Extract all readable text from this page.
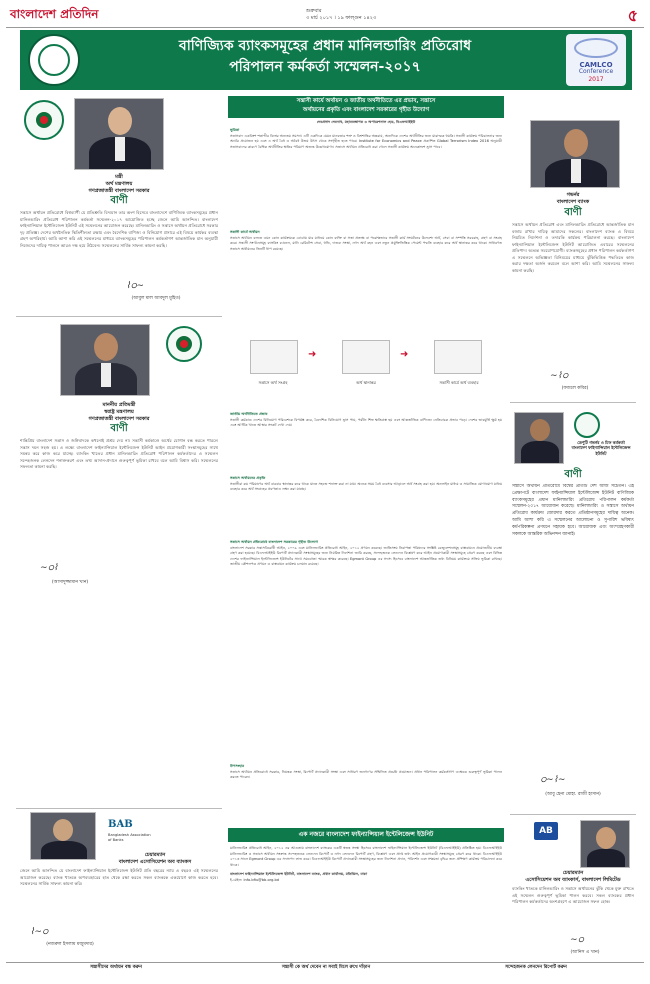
বাংলাদেশ প্রতিদিন	শুক্রবার
৩ মার্চ ২০১৭ । ১৯ ফাল্গুন ১৪২৩	৫
বাণিজ্যিক ব্যাংকসমূহের প্রধান মানিলন্ডারিং প্রতিরোধ
পরিপালন কর্মকর্তা সম্মেলন-২০১৭	CAMLCO
Conference
2017
মন্ত্রী
অর্থ মন্ত্রণালয়
গণপ্রজাতন্ত্রী বাংলাদেশ সরকার
বাণী
সন্ত্রাসে অর্থায়ন প্রতিরোধে বিশ্বব্যাপী যে প্রতিশ্রুতি বিদ্যমান তার অংশ হিসেবে বাংলাদেশে বাণিজ্যিক ব্যাংকসমূহের প্রধান মানিলন্ডারিং প্রতিরোধ পরিপালন কর্মকর্তা সম্মেলন-২০১৭ আয়োজিত হচ্ছে জেনে আমি আনন্দিত। বাংলাদেশ ফাইন্যান্সিয়াল ইন্টেলিজেন্স ইউনিট এই সম্মেলনের আয়োজন করেছে। মানিলন্ডারিং ও সন্ত্রাসে অর্থায়ন প্রতিরোধে সরকার দৃঢ় প্রতিজ্ঞ। দেশের অর্থনৈতিক স্থিতিশীলতা রক্ষায় এবং বৈদেশিক বাণিজ্য ও বিনিয়োগ প্রসারে এই বিষয়ে কার্যকর ব্যবস্থা গ্রহণ অপরিহার্য। আমি আশা করি এই সম্মেলনের মাধ্যমে ব্যাংকসমূহের পরিপালন কর্মকর্তাগণ আন্তর্জাতিক মান অনুযায়ী নিজেদের দায়িত্ব পালনে আরও দক্ষ হয়ে উঠবেন। সম্মেলনের সার্বিক সাফল্য কামনা করছি।
⌇ഠ∼
(আবুল মাল আবদুল মুহিত)
মাননীয় প্রতিমন্ত্রী
স্বরাষ্ট্র মন্ত্রণালয়
গণপ্রজাতন্ত্রী বাংলাদেশ সরকার
বাণী
শান্তিপ্রিয় বাংলাদেশ সন্ত্রাস ও জঙ্গিবাদকে কখনোই প্রশ্রয় দেয় না। সন্ত্রাসী কর্মকাণ্ডে অর্থের যোগান বন্ধ করতে পারলে সন্ত্রাস দমন সহজ হয়। এ লক্ষ্যে বাংলাদেশ ফাইন্যান্সিয়াল ইন্টেলিজেন্স ইউনিট আইন প্রয়োগকারী সংস্থাসমূহের সাথে সমন্বয় করে কাজ করে যাচ্ছে। ব্যাংকিং খাতের প্রধান মানিলন্ডারিং প্রতিরোধ পরিপালন কর্মকর্তাদের এ সম্মেলন সন্দেহজনক লেনদেন শনাক্তকরণ এবং তথ্য আদান-প্রদানে গুরুত্বপূর্ণ ভূমিকা রাখবে বলে আমি বিশ্বাস করি। সম্মেলনের সফলতা কামনা করছি।
∼ഠ⌇
(আসাদুজ্জামান খান)
BAB
Bangladesh Association of Banks
চেয়ারম্যান
বাংলাদেশ এসোসিয়েশন অব ব্যাংকস
জেনে আমি আনন্দিত যে বাংলাদেশ ফাইন্যান্সিয়াল ইন্টেলিজেন্স ইউনিট প্রতি বছরের ন্যায় এ বছরও এই সম্মেলনের আয়োজন করেছে। ব্যাংক খাতকে অপব্যবহারের হাত থেকে রক্ষা করতে সকল ব্যাংককে একযোগে কাজ করতে হবে। সম্মেলনের সার্বিক সাফল্য কামনা করি।
⌇∼ഠ
(নজরুল ইসলাম মজুমদার)
সন্ত্রাসী কার্যে অর্থায়ন ও জাতীয় অর্থনীতিতে এর প্রভাব, সন্ত্রাসে
অর্থায়নের প্রকৃতি এবং বাংলাদেশ সরকারের গৃহীত উদ্যোগ
দেবপ্রসাদ দেবনাথ, মহাব্যবস্থাপক ও অপারেশনাল হেড, বিএফআইইউ
ভূমিকা
সন্ত্রাসবাদ একবিংশ শতাব্দীর বিশ্বের অন্যতম সমস্যা। এটি একদিকে যেমন মানবতার শত্রু ও বিশ্বশান্তির অন্তরায়, অন্যদিকে দেশের অর্থনীতির জন্য মারাত্মক হুমকি। সন্ত্রাসী কার্যক্রম পরিচালনার জন্য অর্থের প্রয়োজন হয় এবং এ অর্থ বৈধ ও অবৈধ উভয় উৎস থেকে সংগৃহীত হতে পারে। Institute for Economics and Peace প্রকাশিত Global Terrorism Index 2016 অনুযায়ী সন্ত্রাসবাদের কারণে বৈশ্বিক অর্থনীতির ক্ষতির পরিমাণ অত্যন্ত উল্লেখযোগ্য। সন্ত্রাসে অর্থায়ন প্রতিরোধ করা গেলে সন্ত্রাসী কার্যক্রম অনেকাংশে হ্রাস পাবে।
সন্ত্রাসী কার্যে অর্থায়ন
সন্ত্রাসে অর্থায়ন বলতে এমন কোন কার্যক্রমকে বোঝায় যার মাধ্যমে কোন ব্যক্তি বা সত্তা প্রত্যক্ষ বা পরোক্ষভাবে সন্ত্রাসী কার্য সংঘটনের উদ্দেশ্যে অর্থ, সেবা বা সম্পত্তি সরবরাহ, গ্রহণ বা সংগ্রহ করে। সন্ত্রাসী সংগঠনসমূহ ব্যাংকিং চ্যানেল, মানি রেমিটেন্স সেবা, হুন্ডি, দাতব্য সংস্থা, নগদ অর্থ বহন এবং নতুন প্রযুক্তিভিত্তিক পেমেন্ট পদ্ধতি ব্যবহার করে অর্থ স্থানান্তর করে থাকে। সাধারণত সন্ত্রাসে অর্থায়নের তিনটি ধাপ রয়েছে।
➜	➜
সন্ত্রাসে অর্থ সংগ্রহ	অর্থ স্থানান্তর	সন্ত্রাসী কার্যে অর্থ ব্যবহার
জাতীয় অর্থনীতিতে প্রভাব
সন্ত্রাসী কর্মকাণ্ড দেশের বিনিয়োগ পরিবেশকে বিপর্যস্ত করে, বৈদেশিক বিনিয়োগ হ্রাস পায়, পর্যটন শিল্প ক্ষতিগ্রস্ত হয় এবং আন্তর্জাতিক বাণিজ্যে নেতিবাচক প্রভাব পড়ে। দেশের ভাবমূর্তি ক্ষুণ্ণ হয় এবং আর্থিক খাতে আস্থার সংকট দেখা দেয়।
সন্ত্রাসে অর্থায়নের প্রকৃতি
সন্ত্রাসীরা কম পরিমাণের অর্থ বারবার স্থানান্তর করে থাকে যাতে সহজে শনাক্ত করা না যায়। অনেক সময় বৈধ ব্যবসার আড়ালে অর্থ সংগ্রহ করা হয়। অনলাইন মাধ্যম ও সামাজিক যোগাযোগ মাধ্যম ব্যবহার করে অর্থ সংগ্রহের প্রবণতাও লক্ষ্য করা যাচ্ছে।
সন্ত্রাসে অর্থায়ন প্রতিরোধে বাংলাদেশ সরকারের গৃহীত উদ্যোগ
বাংলাদেশ সরকার সন্ত্রাসবিরোধী আইন, ২০০৯ এবং মানিলন্ডারিং প্রতিরোধ আইন, ২০১২ প্রণয়ন করেছে। জাতিসংঘ নিরাপত্তা পরিষদের সংশ্লিষ্ট রেজুলেশনসমূহ বাস্তবায়নে প্রয়োজনীয় ব্যবস্থা গ্রহণ করা হয়েছে। বিএফআইইউ রিপোর্ট প্রদানকারী সংস্থাসমূহের জন্য নিয়মিত নির্দেশনা জারি করছে, সন্দেহজনক লেনদেন বিশ্লেষণ করে আইন প্রয়োগকারী সংস্থাসমূহে প্রেরণ করছে এবং বিভিন্ন দেশের ফাইন্যান্সিয়াল ইন্টেলিজেন্স ইউনিটের সাথে সমঝোতা স্মারক স্বাক্ষর করেছে। Egmont Group এর সদস্য হিসেবে বাংলাদেশ আন্তর্জাতিক তথ্য বিনিময় কার্যক্রমে সক্রিয় ভূমিকা রাখছে। জাতীয় কৌশলপত্র প্রণয়ন ও বাস্তবায়ন কার্যক্রম চলমান রয়েছে।
উপসংহার
সন্ত্রাসে অর্থায়ন প্রতিরোধে সরকার, নিয়ন্ত্রক সংস্থা, রিপোর্ট প্রদানকারী সংস্থা এবং সাধারণ জনগণের সম্মিলিত প্রচেষ্টা প্রয়োজন। প্রধান পরিপালন কর্মকর্তাগণ এক্ষেত্রে গুরুত্বপূর্ণ ভূমিকা পালন করতে পারেন।
এক নজরে বাংলাদেশ ফাইন্যান্সিয়াল ইন্টেলিজেন্স ইউনিট
মানিলন্ডারিং প্রতিরোধ আইন, ২০১২ এর আওতায় বাংলাদেশ ব্যাংকের একটি স্বতন্ত্র সংস্থা হিসেবে বাংলাদেশ ফাইন্যান্সিয়াল ইন্টেলিজেন্স ইউনিট (বিএফআইইউ) প্রতিষ্ঠিত হয়। বিএফআইইউ মানিলন্ডারিং ও সন্ত্রাসে অর্থায়ন সংক্রান্ত সন্দেহজনক লেনদেন রিপোর্ট ও নগদ লেনদেন রিপোর্ট গ্রহণ, বিশ্লেষণ এবং প্রাপ্ত তথ্য আইন প্রয়োগকারী সংস্থাসমূহে প্রেরণ করে থাকে। বিএফআইইউ ২০১৩ সালে Egmont Group এর সদস্যপদ লাভ করে। বিএফআইইউ রিপোর্ট প্রদানকারী সংস্থাসমূহের জন্য নির্দেশনা প্রদান, পরিদর্শন এবং সক্ষমতা বৃদ্ধির জন্য প্রশিক্ষণ কার্যক্রম পরিচালনা করে থাকে।
বাংলাদেশ ফাইন্যান্সিয়াল ইন্টেলিজেন্স ইউনিট, বাংলাদেশ ব্যাংক, প্রধান কার্যালয়, মতিঝিল, ঢাকা
ই-মেইল: info.bfiu@bb.org.bd
গভর্নর
বাংলাদেশ ব্যাংক
বাণী
সন্ত্রাসে অর্থায়ন প্রতিরোধ এবং মানিলন্ডারিং প্রতিরোধে আন্তর্জাতিক মান বজায় রাখার দায়িত্ব আমাদের সকলের। বাংলাদেশ ব্যাংক এ বিষয়ে নিয়মিত নির্দেশনা ও তদারকি কার্যক্রম পরিচালনা করছে। বাংলাদেশ ফাইন্যান্সিয়াল ইন্টেলিজেন্স ইউনিট আয়োজিত এবারের সম্মেলনের প্রতিপাদ্য অত্যন্ত সময়োপযোগী। ব্যাংকসমূহের প্রধান পরিপালন কর্মকর্তাগণ এ সম্মেলনে অভিজ্ঞতা বিনিময়ের মাধ্যমে ঝুঁকিভিত্তিক পদ্ধতিতে কাজ করার দক্ষতা অর্জন করবেন বলে আশা করি। আমি সম্মেলনের সাফল্য কামনা করছি।
∼⌇ഠ
(ফজলে কবির)
ডেপুটি গভর্নর ও চিফ কর্মকর্তা
বাংলাদেশ ফাইন্যান্সিয়াল ইন্টেলিজেন্স ইউনিট
বাণী
সন্ত্রাসে অর্থায়ন প্রতিরোধে বিশ্বের প্রতিটি দেশ আজ সচেতন। এই প্রেক্ষাপটে বাংলাদেশ ফাইন্যান্সিয়াল ইন্টেলিজেন্স ইউনিট বাণিজ্যিক ব্যাংকসমূহের প্রধান মানিলন্ডারিং প্রতিরোধ পরিপালন কর্মকর্তা সম্মেলন-২০১৭ আয়োজন করেছে। মানিলন্ডারিং ও সন্ত্রাসে অর্থায়ন প্রতিরোধ কার্যক্রম জোরদার করতে প্রতিষ্ঠানসমূহের দায়িত্ব অনেক। আমি আশা করি এ সম্মেলনের আলোচনা ও সুপারিশ ভবিষ্যৎ কর্মপরিকল্পনা প্রণয়নে সহায়ক হবে। আয়োজক এবং অংশগ্রহণকারী সকলকে আন্তরিক অভিনন্দন জানাই।
ഠ∼⌇∼
(আবু হেনা মোহা. রাজী হাসান)
AB
চেয়ারম্যান
এসোসিয়েশন অব ব্যাংকার্স, বাংলাদেশ লিমিটেড
ব্যাংকিং খাতকে মানিলন্ডারিং ও সন্ত্রাসে অর্থায়নের ঝুঁকি থেকে মুক্ত রাখতে এই সম্মেলন গুরুত্বপূর্ণ ভূমিকা পালন করবে। সকল ব্যাংকের প্রধান পরিপালন কর্মকর্তাদের অংশগ্রহণে এ আয়োজন সফল হোক।
∼ഠ
(আনিস এ খান)
সন্ত্রাসীদের অর্থায়ন বন্ধ করুন	সন্ত্রাসী কে অর্থ দেবেন না সবাই মিলে রুখে দাঁড়ান	সন্দেহজনক লেনদেন রিপোর্ট করুন
